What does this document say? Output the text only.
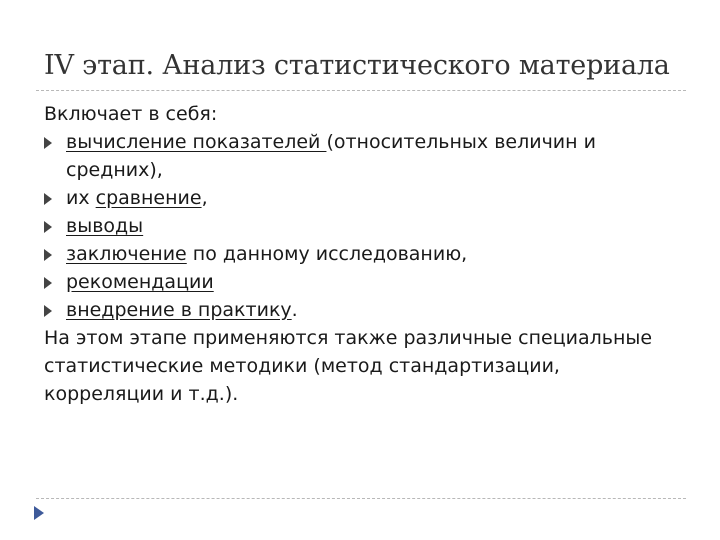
IV этап. Анализ статистического материала

Включает в себя:

вычисление показателей (относительных величин и средних),
их сравнение,
выводы
заключение по данному исследованию,
рекомендации
внедрение в практику.

На этом этапе применяются также различные специальные статистические методики (метод стандартизации, корреляции и т.д.).
